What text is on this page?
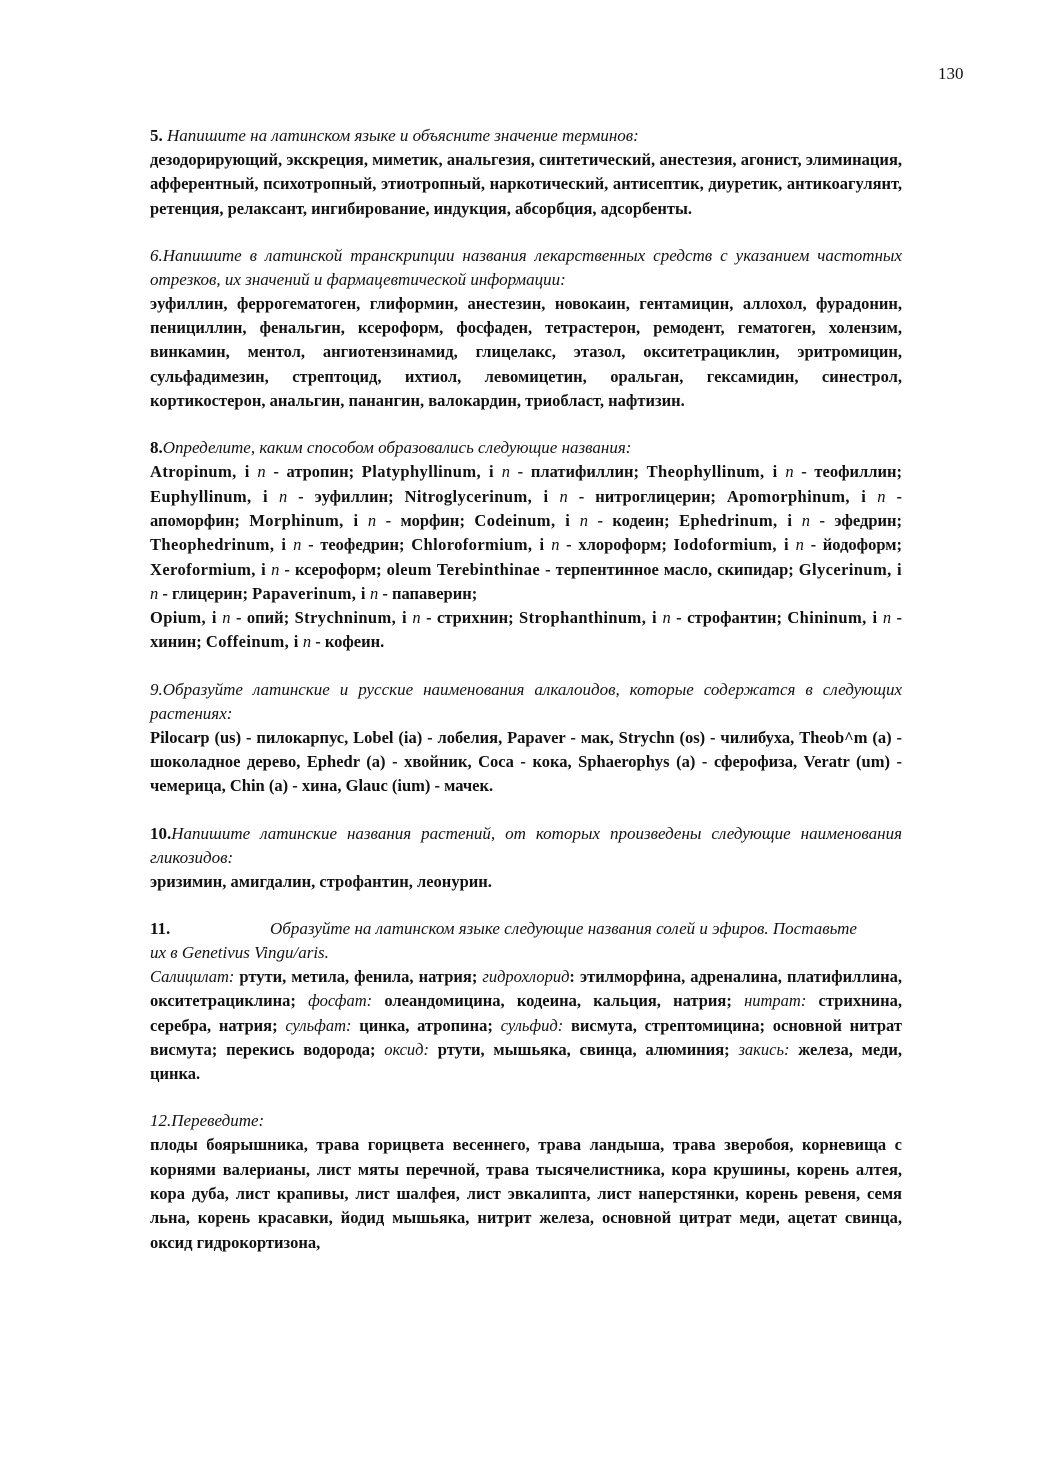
130
5. Напишите на латинском языке и объясните значение терминов:
дезодорирующий, экскреция, миметик, анальгезия, синтетический, анестезия, агонист, элиминация, афферентный, психотропный, этиотропный, наркотический, антисептик, диуретик, антикоагулянт, ретенция, релаксант, ингибирование, индукция, абсорбция, адсорбенты.
6.Напишите в латинской транскрипции названия лекарственных средств с указанием частотных отрезков, их значений и фармацевтической информации:
эуфиллин, феррогематоген, глиформин, анестезин, новокаин, гентамицин, аллохол, фурадонин, пенициллин, фенальгин, ксероформ, фосфаден, тетрастерон, ремодент, гематоген, холензим, винкамин, ментол, ангиотензинамид, глицелакс, этазол, окситетрациклин, эритромицин, сульфадимезин, стрептоцид, ихтиол, левомицетин, оральган, гексамидин, синестрол, кортикостерон, анальгин, панангин, валокардин, триобласт, нафтизин.
8.Определите, каким способом образовались следующие названия:
Atropinum, i n - атропин; Platyphyllinum, i n - платифиллин; Theophyllinum, i n - теофиллин; Euphyllinum, i n - эуфиллин; Nitroglycerinum, i n - нитроглицерин; Apomorphinum, i n - апоморфин; Morphinum, i n - морфин; Codeinum, i n - кодеин; Ephedrinum, i n - эфедрин; Theophedrinum, i n - теофедрин; Chloroformium, i n - хлороформ; Iodoformium, i n - йодоформ; Xeroformium, i n - ксероформ; oleum Terebinthinae - терпентинное масло, скипидар; Glycerinum, i n - глицерин; Papaverinum, i n - папаверин;
Opium, i n - опий; Strychninum, i n - стрихнин; Strophanthinum, i n - строфантин; Chininum, i n - хинин; Coffeinum, i n - кофеин.
9.Образуйте латинские и русские наименования алкалоидов, которые содержатся в следующих растениях:
Pilocarp (us) - пилокарпус, Lobel (ia) - лобелия, Papaver - мак, Strychn (os) - чилибуха, Theob^m (a) - шоколадное дерево, Ephedr (a) - хвойник, Coca - кока, Sphaerophys (a) - сферофиза, Veratr (um) - чемерица, Chin (a) - хина, Glauc (ium) - мачек.
10.Напишите латинские названия растений, от которых произведены следующие наименования гликозидов:
эризимин, амигдалин, строфантин, леонурин.
11.	Образуйте на латинском языке следующие названия солей и эфиров. Поставьте
их в Genetivus Vingu/aris.
Салицилат: ртути, метила, фенила, натрия; гидрохлорид: этилморфина, адреналина, платифиллина, окситетрациклина; фосфат: олеандомицина, кодеина, кальция, натрия; нитрат: стрихнина, серебра, натрия; сульфат: цинка, атропина; сульфид: висмута, стрептомицина; основной нитрат висмута; перекись водорода; оксид: ртути, мышьяка, свинца, алюминия; закись: железа, меди, цинка.
12.Переведите:
плоды боярышника, трава горицвета весеннего, трава ландыша, трава зверобоя, корневища с корнями валерианы, лист мяты перечной, трава тысячелистника, кора крушины, корень алтея, кора дуба, лист крапивы, лист шалфея, лист эвкалипта, лист наперстянки, корень ревеня, семя льна, корень красавки, йодид мышьяка, нитрит железа, основной цитрат меди, ацетат свинца, оксид гидрокортизона,
